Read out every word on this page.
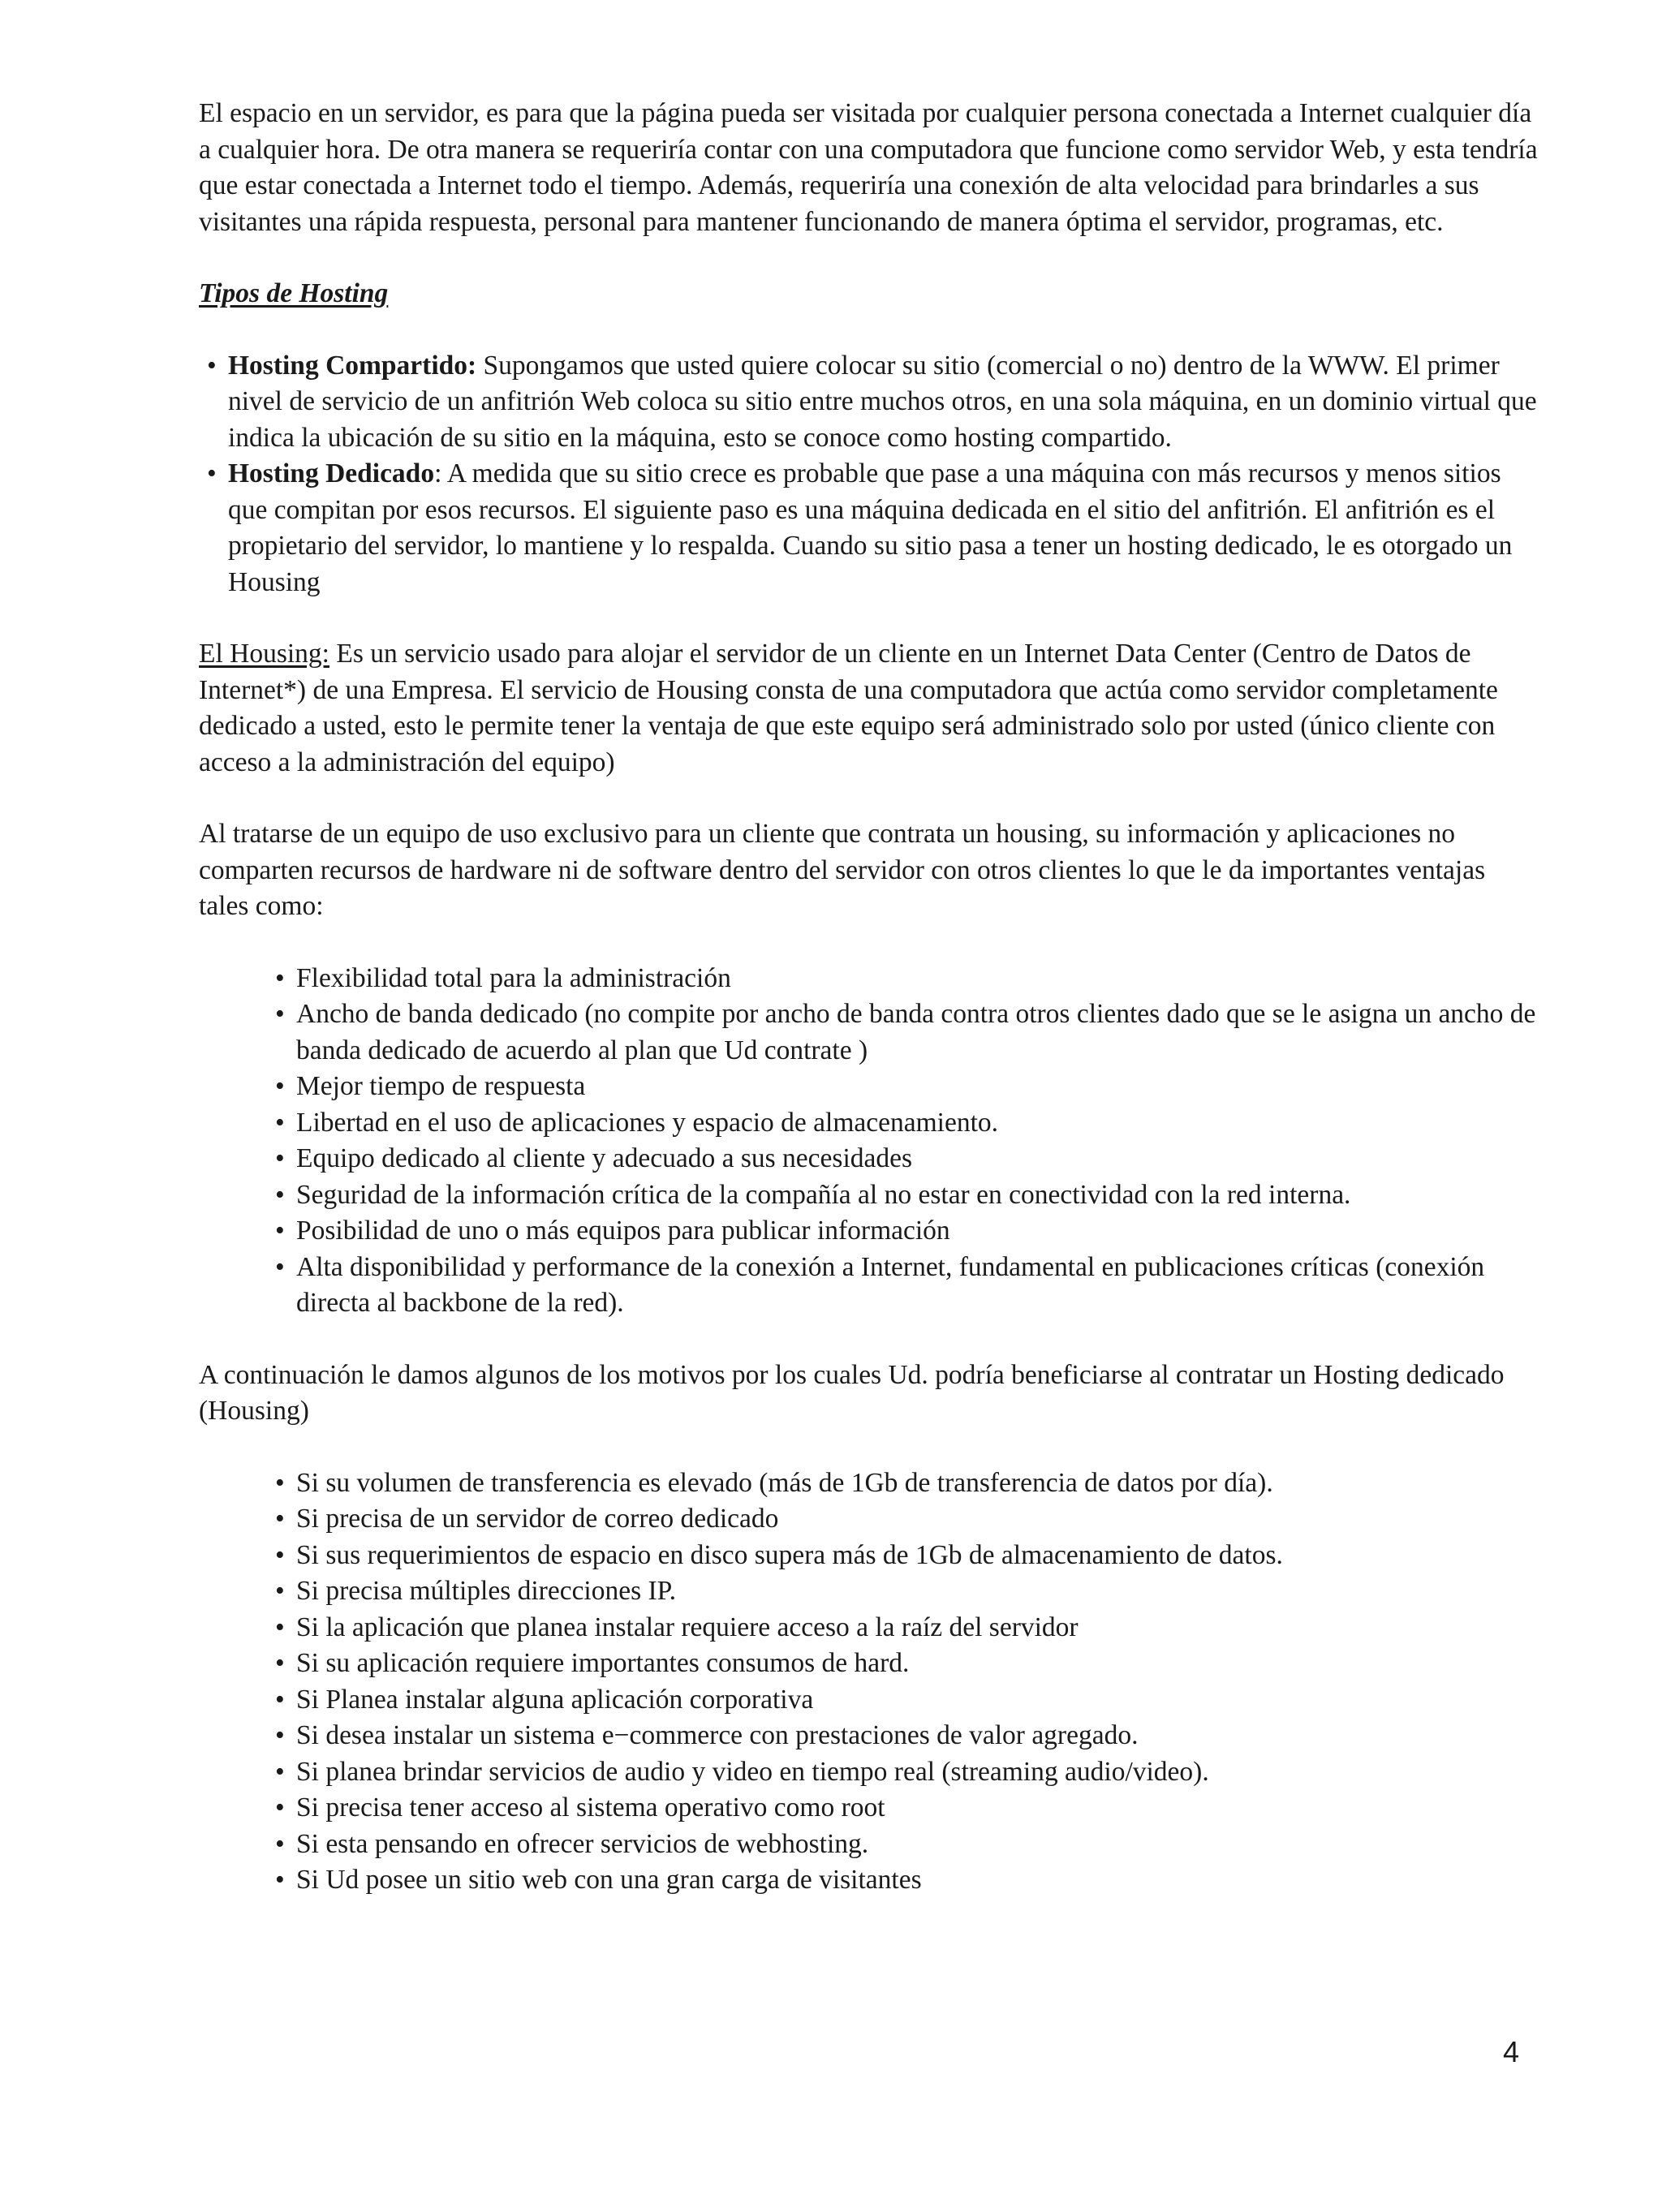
El espacio en un servidor, es para que la página pueda ser visitada por cualquier persona conectada a Internet cualquier día a cualquier hora. De otra manera se requeriría contar con una computadora que funcione como servidor Web, y esta tendría que estar conectada a Internet todo el tiempo. Además, requeriría una conexión de alta velocidad para brindarles a sus visitantes una rápida respuesta, personal para mantener funcionando de manera óptima el servidor, programas, etc.

Tipos de Hosting

• Hosting Compartido: Supongamos que usted quiere colocar su sitio (comercial o no) dentro de la WWW. El primer nivel de servicio de un anfitrión Web coloca su sitio entre muchos otros, en una sola máquina, en un dominio virtual que indica la ubicación de su sitio en la máquina, esto se conoce como hosting compartido.
• Hosting Dedicado: A medida que su sitio crece es probable que pase a una máquina con más recursos y menos sitios que compitan por esos recursos. El siguiente paso es una máquina dedicada en el sitio del anfitrión. El anfitrión es el propietario del servidor, lo mantiene y lo respalda. Cuando su sitio pasa a tener un hosting dedicado, le es otorgado un Housing

El Housing: Es un servicio usado para alojar el servidor de un cliente en un Internet Data Center (Centro de Datos de Internet*) de una Empresa. El servicio de Housing consta de una computadora que actúa como servidor completamente dedicado a usted, esto le permite tener la ventaja de que este equipo será administrado solo por usted (único cliente con acceso a la administración del equipo)

Al tratarse de un equipo de uso exclusivo para un cliente que contrata un housing, su información y aplicaciones no comparten recursos de hardware ni de software dentro del servidor con otros clientes lo que le da importantes ventajas tales como:

• Flexibilidad total para la administración
• Ancho de banda dedicado (no compite por ancho de banda contra otros clientes dado que se le asigna un ancho de banda dedicado de acuerdo al plan que Ud contrate )
• Mejor tiempo de respuesta
• Libertad en el uso de aplicaciones y espacio de almacenamiento.
• Equipo dedicado al cliente y adecuado a sus necesidades
• Seguridad de la información crítica de la compañía al no estar en conectividad con la red interna.
• Posibilidad de uno o más equipos para publicar información
• Alta disponibilidad y performance de la conexión a Internet, fundamental en publicaciones críticas (conexión directa al backbone de la red).

A continuación le damos algunos de los motivos por los cuales Ud. podría beneficiarse al contratar un Hosting dedicado (Housing)

• Si su volumen de transferencia es elevado (más de 1Gb de transferencia de datos por día).
• Si precisa de un servidor de correo dedicado
• Si sus requerimientos de espacio en disco supera más de 1Gb de almacenamiento de datos.
• Si precisa múltiples direcciones IP.
• Si la aplicación que planea instalar requiere acceso a la raíz del servidor
• Si su aplicación requiere importantes consumos de hard.
• Si Planea instalar alguna aplicación corporativa
• Si desea instalar un sistema e−commerce con prestaciones de valor agregado.
• Si planea brindar servicios de audio y video en tiempo real (streaming audio/video).
• Si precisa tener acceso al sistema operativo como root
• Si esta pensando en ofrecer servicios de webhosting.
• Si Ud posee un sitio web con una gran carga de visitantes
4
